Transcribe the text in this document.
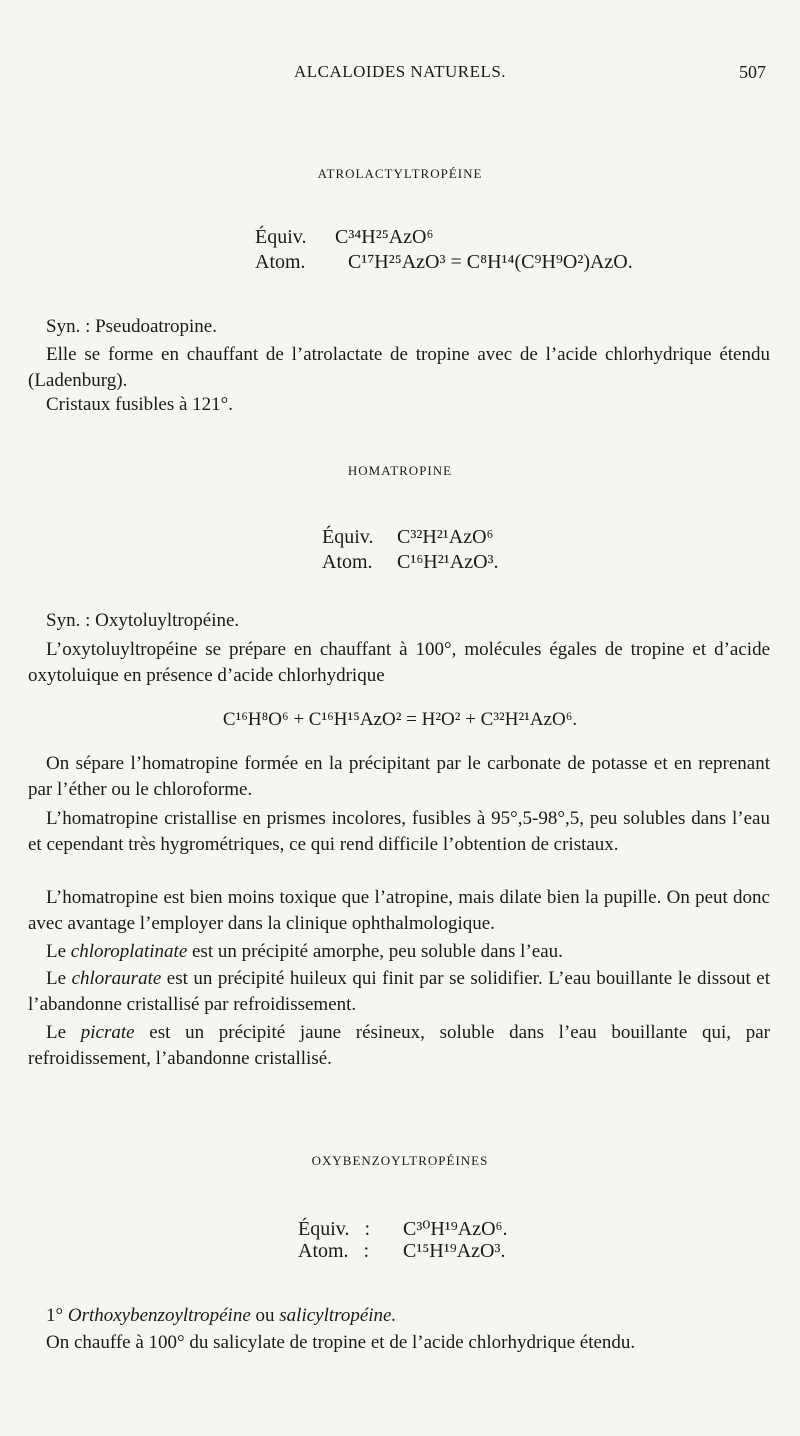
ALCALOIDES NATURELS.	507
ATROLACTYLTROPÉINE
Équiv. C³⁴H²⁵AzO⁶
Atom. C¹⁷H²⁵AzO³ = C⁸H¹⁴(C⁹H⁹O²)AzO.
Syn. : Pseudoatropine.
Elle se forme en chauffant de l’atrolactate de tropine avec de l’acide chlorhydrique étendu (Ladenburg).
Cristaux fusibles à 121°.
HOMATROPINE
Équiv. C³²H²¹AzO⁶
Atom. C¹⁶H²¹AzO³.
Syn. : Oxytoluyltropéine.
L’oxytoluyltropéine se prépare en chauffant à 100°, molécules égales de tropine et d’acide oxytoluique en présence d’acide chlorhydrique
C¹⁶H⁸O⁶ + C¹⁶H¹⁵AzO² = H²O² + C³²H²¹AzO⁶.
On sépare l’homatropine formée en la précipitant par le carbonate de potasse et en reprenant par l’éther ou le chloroforme.
L’homatropine cristallise en prismes incolores, fusibles à 95°,5-98°,5, peu solubles dans l’eau et cependant très hygrométriques, ce qui rend difficile l’obtention de cristaux.
L’homatropine est bien moins toxique que l’atropine, mais dilate bien la pupille. On peut donc avec avantage l’employer dans la clinique ophthalmologique.
Le chloroplatinate est un précipité amorphe, peu soluble dans l’eau.
Le chloraurate est un précipité huileux qui finit par se solidifier. L’eau bouillante le dissout et l’abandonne cristallisé par refroidissement.
Le picrate est un précipité jaune résineux, soluble dans l’eau bouillante qui, par refroidissement, l’abandonne cristallisé.
OXYBENZOYLTROPÉINES
Équiv.   : C³⁰H¹⁹AzO⁶.
Atom.   : C¹⁵H¹⁹AzO³.
1° Orthoxybenzoyltropéine ou salicyltropéine.
On chauffe à 100° du salicylate de tropine et de l’acide chlorhydrique étendu.
